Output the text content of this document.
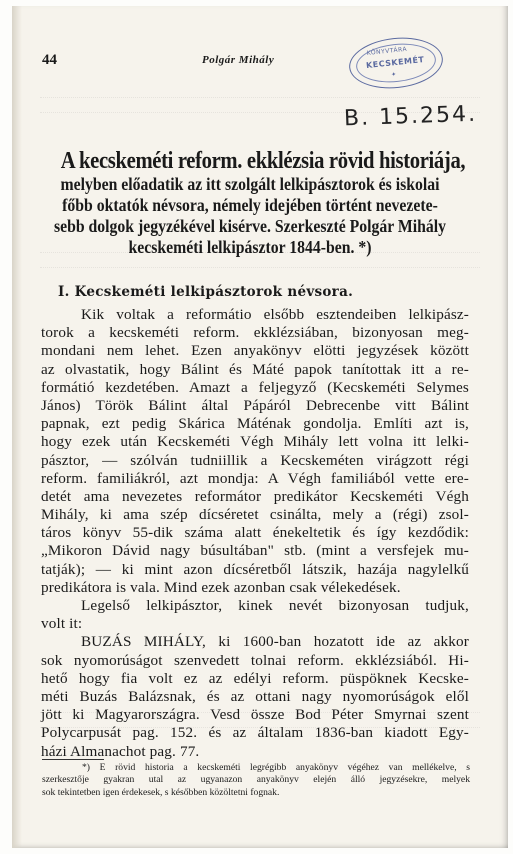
44	Polgár Mihály
KÖNYVTÁRA
KECSKEMÉT
✦
B. 15.254.
A kecskeméti reform. ekklézsia rövid historiája,
melyben előadatik az itt szolgált lelkipásztorok és iskolai
főbb oktatók névsora, némely idejében történt nevezete-
sebb dolgok jegyzékével kisérve. Szerkeszté Polgár Mihály
kecskeméti lelkipásztor 1844-ben. *)
I. Kecskeméti lelkipásztorok névsora.
Kik voltak a reformátio elsőbb esztendeiben lelkipász-
torok a kecskeméti reform. ekklézsiában, bizonyosan meg-
mondani nem lehet. Ezen anyakönyv elötti jegyzések között
az olvastatik, hogy Bálint és Máté papok tanítottak itt a re-
formátió kezdetében. Amazt a feljegyző (Kecskeméti Selymes
János) Török Bálint által Pápáról Debrecenbe vitt Bálint
papnak, ezt pedig Skárica Máténak gondolja. Említi azt is,
hogy ezek után Kecskeméti Végh Mihály lett volna itt lelki-
pásztor, — szólván tudniillik a Kecskeméten virágzott régi
reform. familiákról, azt mondja: A Végh familiából vette ere-
detét ama nevezetes reformátor predikátor Kecskeméti Végh
Mihály, ki ama szép dícséretet csinálta, mely a (régi) zsol-
táros könyv 55-dik száma alatt énekeltetik és így kezdődik:
„Mikoron Dávid nagy búsultában" stb. (mint a versfejek mu-
tatják); — ki mint azon dícséretből látszik, hazája nagylelkű
predikátora is vala. Mind ezek azonban csak vélekedések.
Legelső lelkipásztor, kinek nevét bizonyosan tudjuk,
volt it:
BUZÁS MIHÁLY, ki 1600-ban hozatott ide az akkor
sok nyomorúságot szenvedett tolnai reform. ekklézsiából. Hi-
hető hogy fia volt ez az edélyi reform. püspöknek Kecske-
méti Buzás Balázsnak, és az ottani nagy nyomorúságok elől
jött ki Magyarországra. Vesd össze Bod Péter Smyrnai szent
Polycarpusát pag. 152. és az általam 1836-ban kiadott Egy-
házi Almanachot pag. 77.
*) E rövid historia a kecskeméti legrégibb anyakönyv végéhez van mellékelve, s
szerkesztője gyakran utal az ugyanazon anyakönyv elején álló jegyzésekre, melyek
sok tekintetben igen érdekesek, s későbben közöltetni fognak.
